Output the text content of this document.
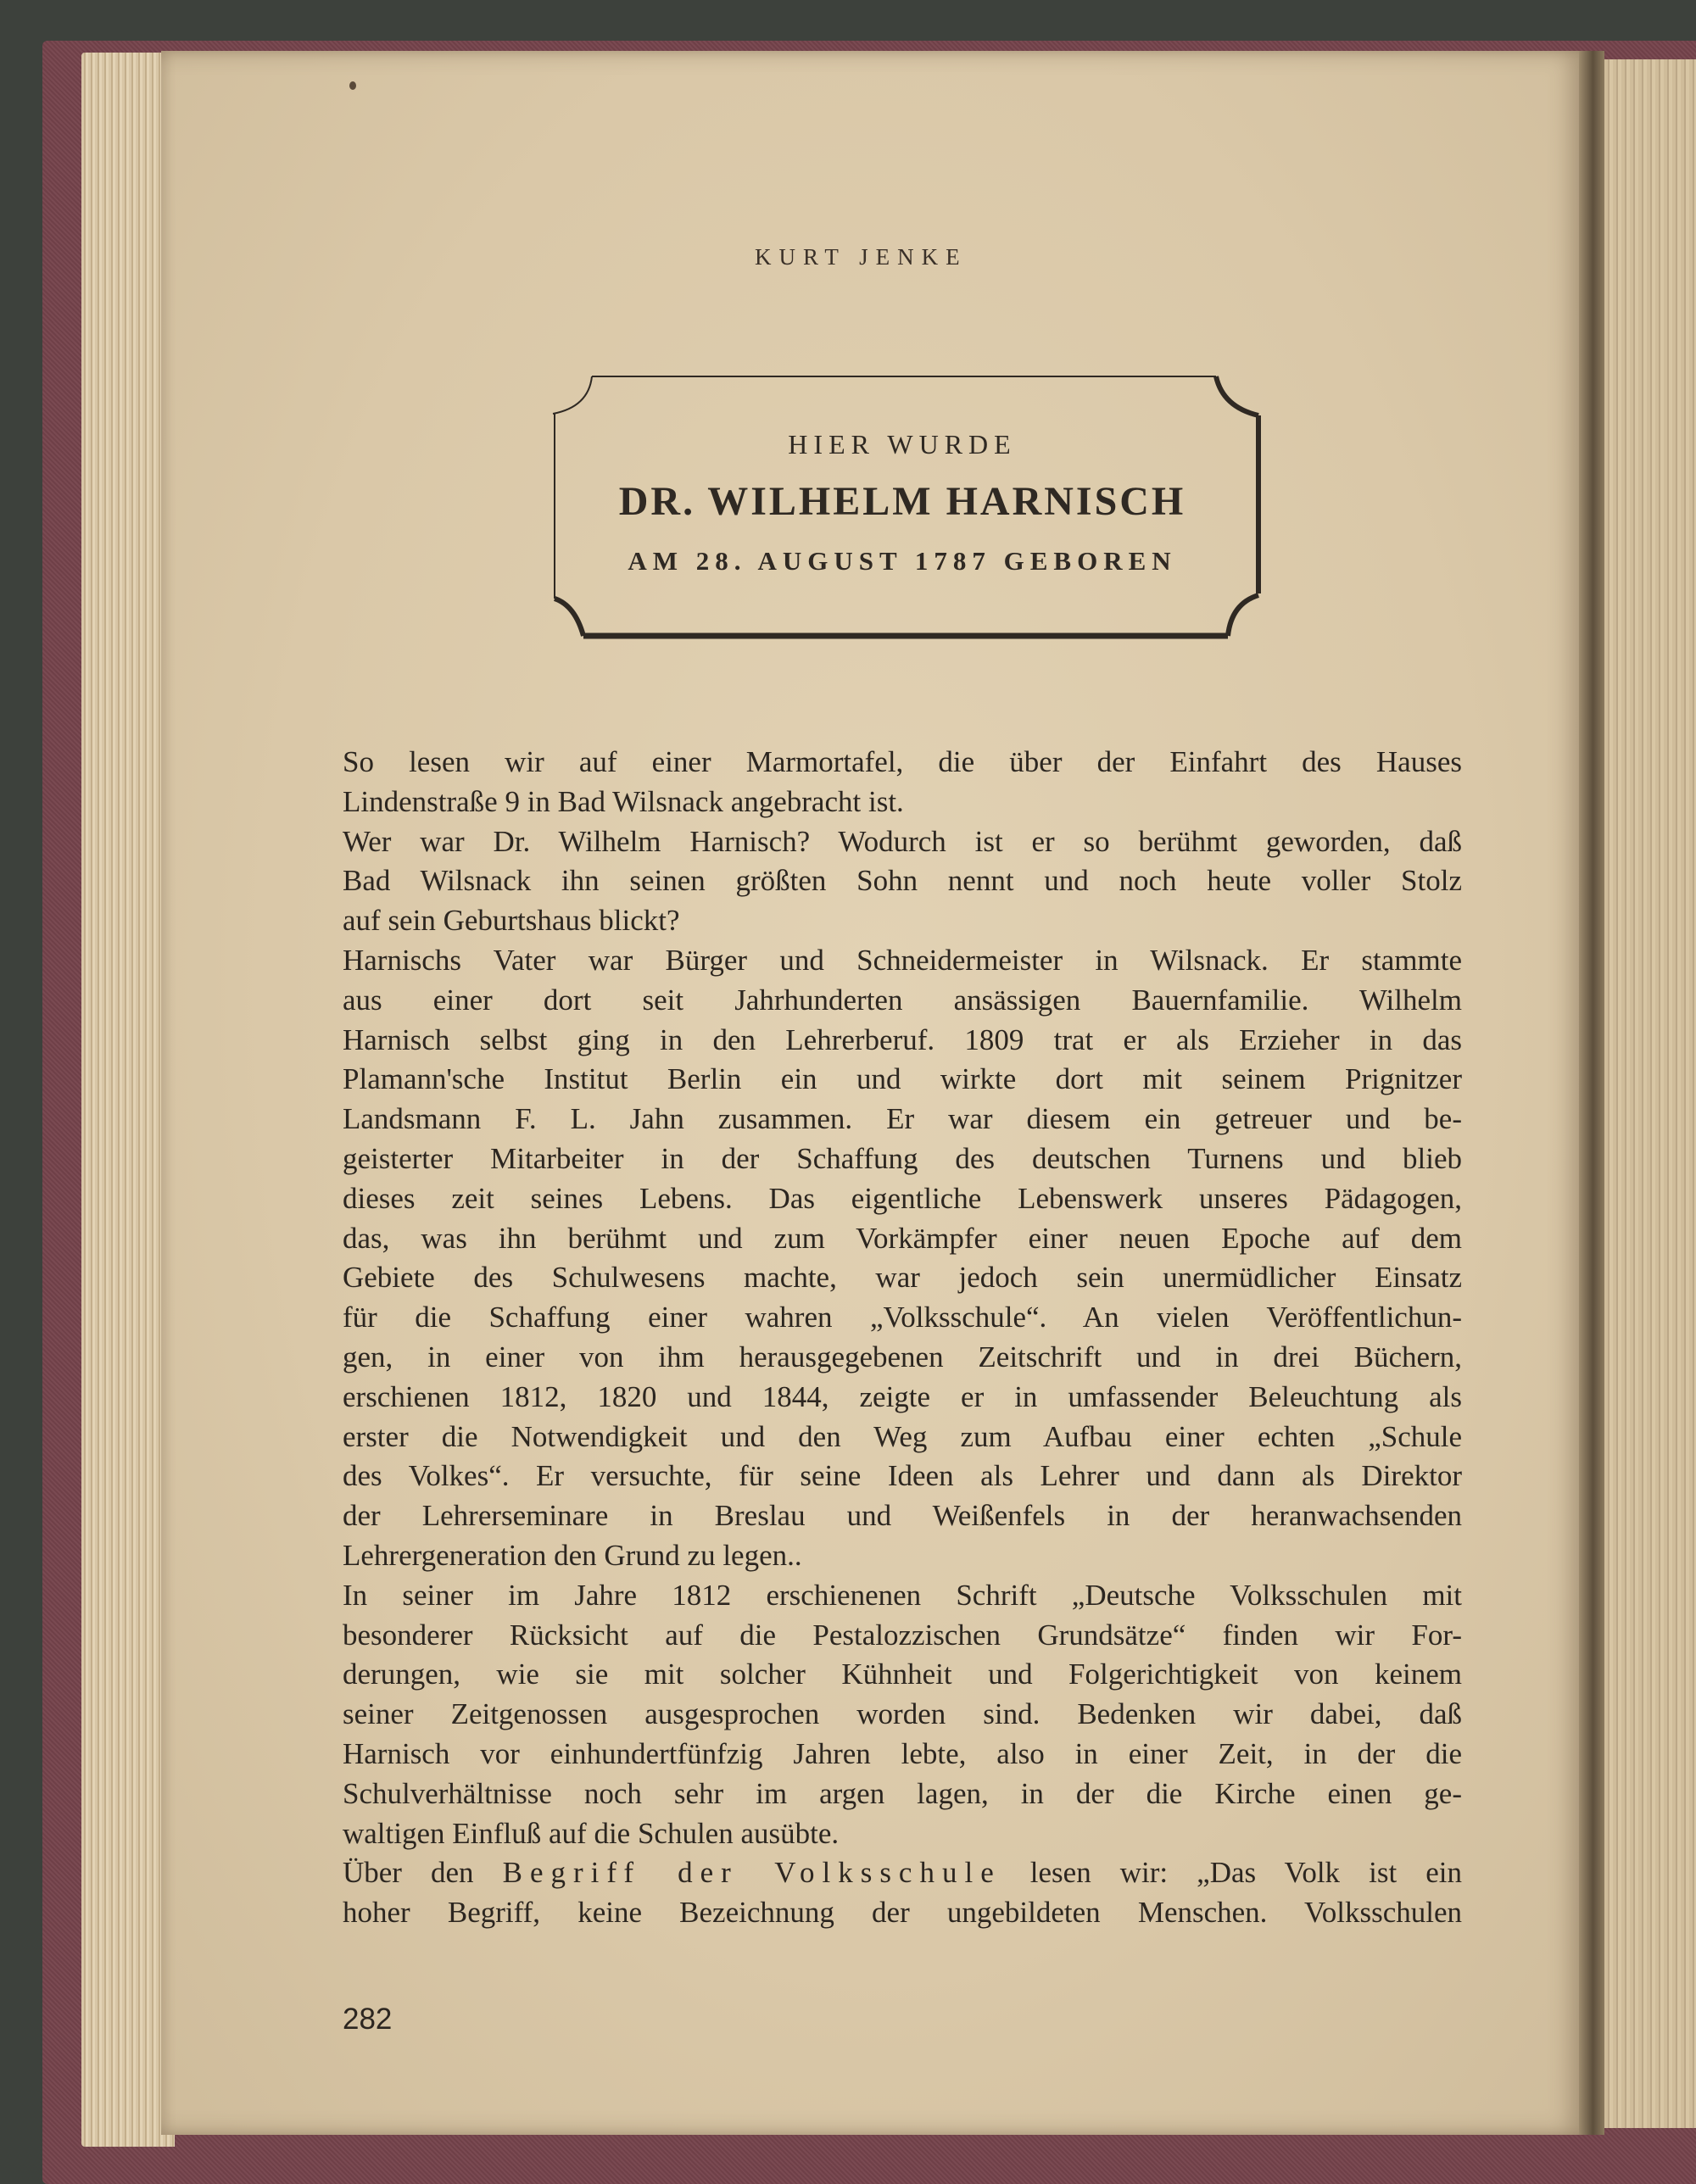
KURT JENKE
HIER WURDE
DR. WILHELM HARNISCH
AM 28. AUGUST 1787 GEBOREN

So lesen wir auf einer Marmortafel, die über der Einfahrt des Hauses

Lindenstraße 9 in Bad Wilsnack angebracht ist.

Wer war Dr. Wilhelm Harnisch? Wodurch ist er so berühmt geworden, daß

Bad Wilsnack ihn seinen größten Sohn nennt und noch heute voller Stolz

auf sein Geburtshaus blickt?

Harnischs Vater war Bürger und Schneidermeister in Wilsnack. Er stammte

aus einer dort seit Jahrhunderten ansässigen Bauernfamilie. Wilhelm

Harnisch selbst ging in den Lehrerberuf. 1809 trat er als Erzieher in das

Plamann'sche Institut Berlin ein und wirkte dort mit seinem Prignitzer

Landsmann F. L. Jahn zusammen. Er war diesem ein getreuer und be-

geisterter Mitarbeiter in der Schaffung des deutschen Turnens und blieb

dieses zeit seines Lebens. Das eigentliche Lebenswerk unseres Pädagogen,

das, was ihn berühmt und zum Vorkämpfer einer neuen Epoche auf dem

Gebiete des Schulwesens machte, war jedoch sein unermüdlicher Einsatz

für die Schaffung einer wahren „Volksschule“. An vielen Veröffentlichun-

gen, in einer von ihm herausgegebenen Zeitschrift und in drei Büchern,

erschienen 1812, 1820 und 1844, zeigte er in umfassender Beleuchtung als

erster die Notwendigkeit und den Weg zum Aufbau einer echten „Schule

des Volkes“. Er versuchte, für seine Ideen als Lehrer und dann als Direktor

der Lehrerseminare in Breslau und Weißenfels in der heranwachsenden

Lehrergeneration den Grund zu legen..

In seiner im Jahre 1812 erschienenen Schrift „Deutsche Volksschulen mit

besonderer Rücksicht auf die Pestalozzischen Grundsätze“ finden wir For-

derungen, wie sie mit solcher Kühnheit und Folgerichtigkeit von keinem

seiner Zeitgenossen ausgesprochen worden sind. Bedenken wir dabei, daß

Harnisch vor einhundertfünfzig Jahren lebte, also in einer Zeit, in der die

Schulverhältnisse noch sehr im argen lagen, in der die Kirche einen ge-

waltigen Einfluß auf die Schulen ausübte.

Über den Begriff der Volksschule lesen wir: „Das Volk ist ein

hoher Begriff, keine Bezeichnung der ungebildeten Menschen. Volksschulen

282
